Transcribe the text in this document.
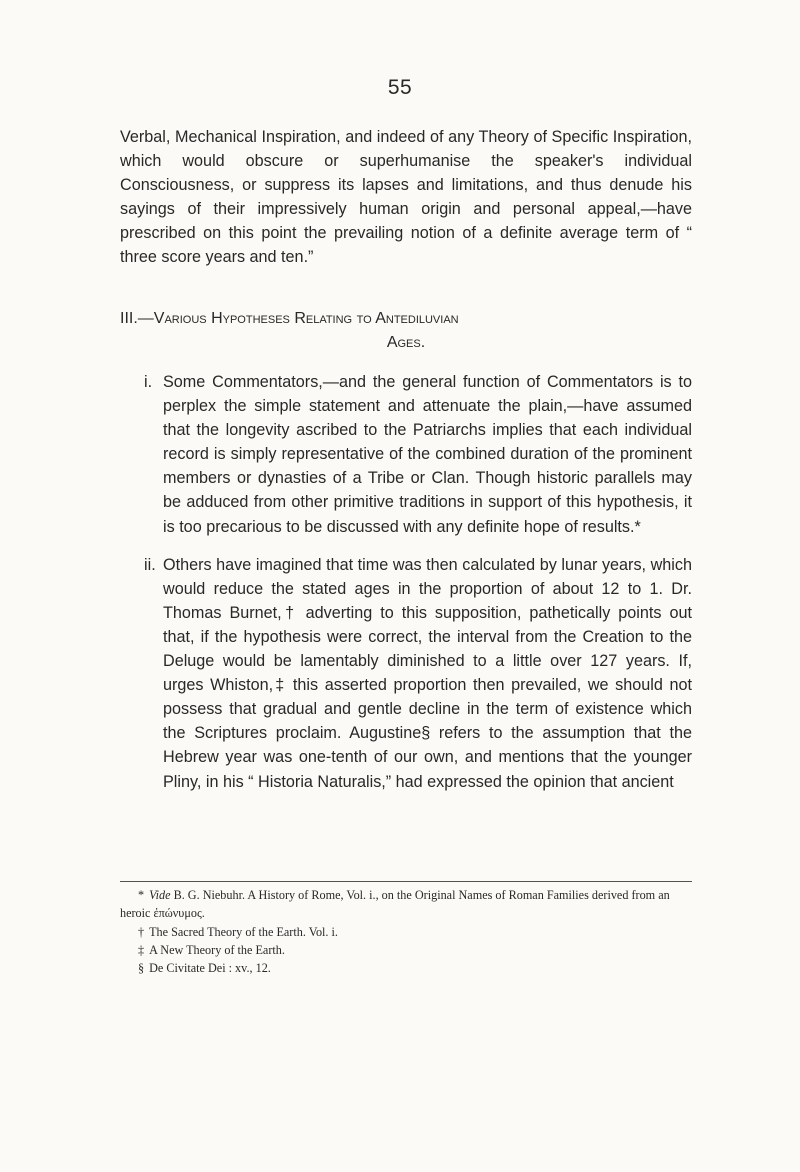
55

Verbal, Mechanical Inspiration, and indeed of any Theory of Specific Inspiration, which would obscure or superhumanise the speaker's individual Consciousness, or suppress its lapses and limitations, and thus denude his sayings of their impressively human origin and personal appeal,—have prescribed on this point the prevailing notion of a definite average term of “ three score years and ten.”

III.—Various Hypotheses Relating to Antediluvian
Ages.

i. Some Commentators,—and the general function of Commentators is to perplex the simple statement and attenuate the plain,—have assumed that the longevity ascribed to the Patriarchs implies that each individual record is simply representative of the combined duration of the prominent members or dynasties of a Tribe or Clan. Though historic parallels may be adduced from other primitive traditions in support of this hypothesis, it is too precarious to be discussed with any definite hope of results.*

ii. Others have imagined that time was then calculated by lunar years, which would reduce the stated ages in the proportion of about 12 to 1. Dr. Thomas Burnet,† adverting to this supposition, pathetically points out that, if the hypothesis were correct, the interval from the Creation to the Deluge would be lamentably diminished to a little over 127 years. If, urges Whiston,‡ this asserted proportion then prevailed, we should not possess that gradual and gentle decline in the term of existence which the Scriptures proclaim. Augustine§ refers to the assumption that the Hebrew year was one-tenth of our own, and mentions that the younger Pliny, in his “ Historia Naturalis,” had expressed the opinion that ancient

* Vide B. G. Niebuhr. A History of Rome, Vol. i., on the Original Names of Roman Families derived from an heroic ἐπώνυμος.
† The Sacred Theory of the Earth. Vol. i.
‡ A New Theory of the Earth.
§ De Civitate Dei : xv., 12.
